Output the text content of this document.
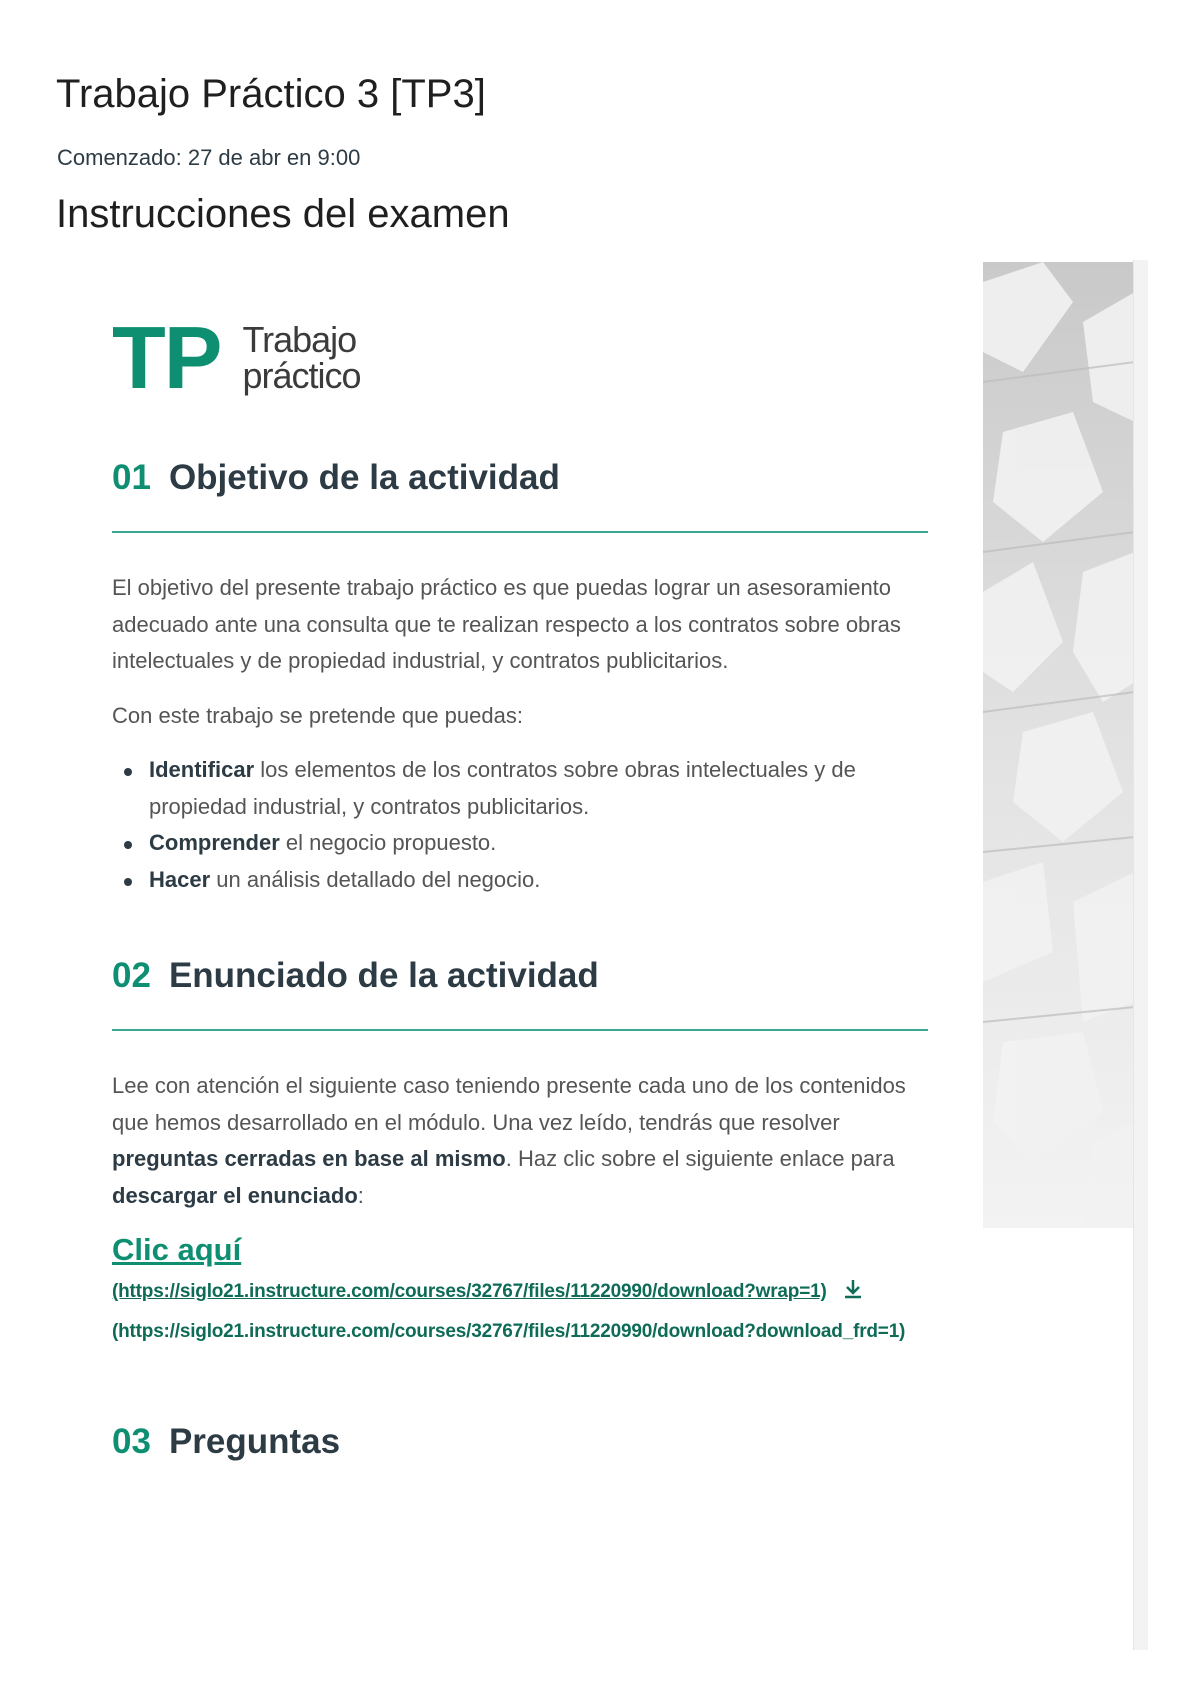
Trabajo Práctico 3 [TP3]

Comenzado: 27 de abr en 9:00

Instrucciones del examen
TP Trabajo
práctico
01 Objetivo de la actividad

El objetivo del presente trabajo práctico es que puedas lograr un asesoramiento adecuado ante una consulta que te realizan respecto a los contratos sobre obras intelectuales y de propiedad industrial, y contratos publicitarios.

Con este trabajo se pretende que puedas:

Identificar los elementos de los contratos sobre obras intelectuales y de propiedad industrial, y contratos publicitarios.
Comprender el negocio propuesto.
Hacer un análisis detallado del negocio.
02 Enunciado de la actividad

Lee con atención el siguiente caso teniendo presente cada uno de los contenidos que hemos desarrollado en el módulo. Una vez leído, tendrás que resolver preguntas cerradas en base al mismo. Haz clic sobre el siguiente enlace para descargar el enunciado:

Clic aquí

(https://siglo21.instructure.com/courses/32767/files/11220990/download?wrap=1)
(https://siglo21.instructure.com/courses/32767/files/11220990/download?download_frd=1)

03 Preguntas
